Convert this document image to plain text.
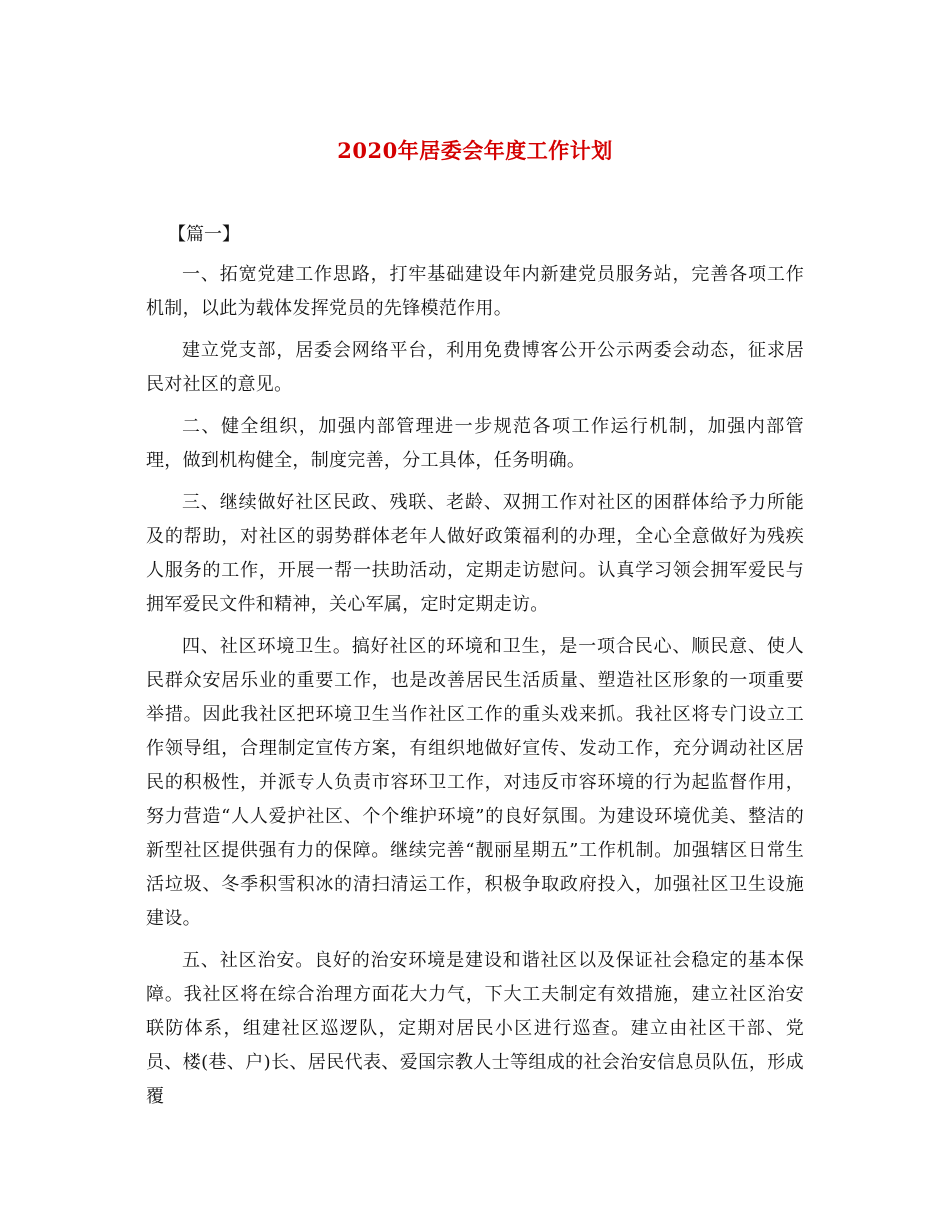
2020年居委会年度工作计划

【篇一】

一、拓宽党建工作思路，打牢基础建设年内新建党员服务站，完善各项工作机制，以此为载体发挥党员的先锋模范作用。

建立党支部，居委会网络平台，利用免费博客公开公示两委会动态，征求居民对社区的意见。

二、健全组织，加强内部管理进一步规范各项工作运行机制，加强内部管理，做到机构健全，制度完善，分工具体，任务明确。

三、继续做好社区民政、残联、老龄、双拥工作对社区的困群体给予力所能及的帮助，对社区的弱势群体老年人做好政策福利的办理，全心全意做好为残疾人服务的工作，开展一帮一扶助活动，定期走访慰问。认真学习领会拥军爱民与拥军爱民文件和精神，关心军属，定时定期走访。

四、社区环境卫生。搞好社区的环境和卫生，是一项合民心、顺民意、使人民群众安居乐业的重要工作，也是改善居民生活质量、塑造社区形象的一项重要举措。因此我社区把环境卫生当作社区工作的重头戏来抓。我社区将专门设立工作领导组，合理制定宣传方案，有组织地做好宣传、发动工作，充分调动社区居民的积极性，并派专人负责市容环卫工作，对违反市容环境的行为起监督作用，努力营造“人人爱护社区、个个维护环境”的良好氛围。为建设环境优美、整洁的新型社区提供强有力的保障。继续完善“靓丽星期五”工作机制。加强辖区日常生活垃圾、冬季积雪积冰的清扫清运工作，积极争取政府投入，加强社区卫生设施建设。

五、社区治安。良好的治安环境是建设和谐社区以及保证社会稳定的基本保障。我社区将在综合治理方面花大力气，下大工夫制定有效措施，建立社区治安联防体系，组建社区巡逻队，定期对居民小区进行巡查。建立由社区干部、党员、楼(巷、户)长、居民代表、爱国宗教人士等组成的社会治安信息员队伍，形成覆
